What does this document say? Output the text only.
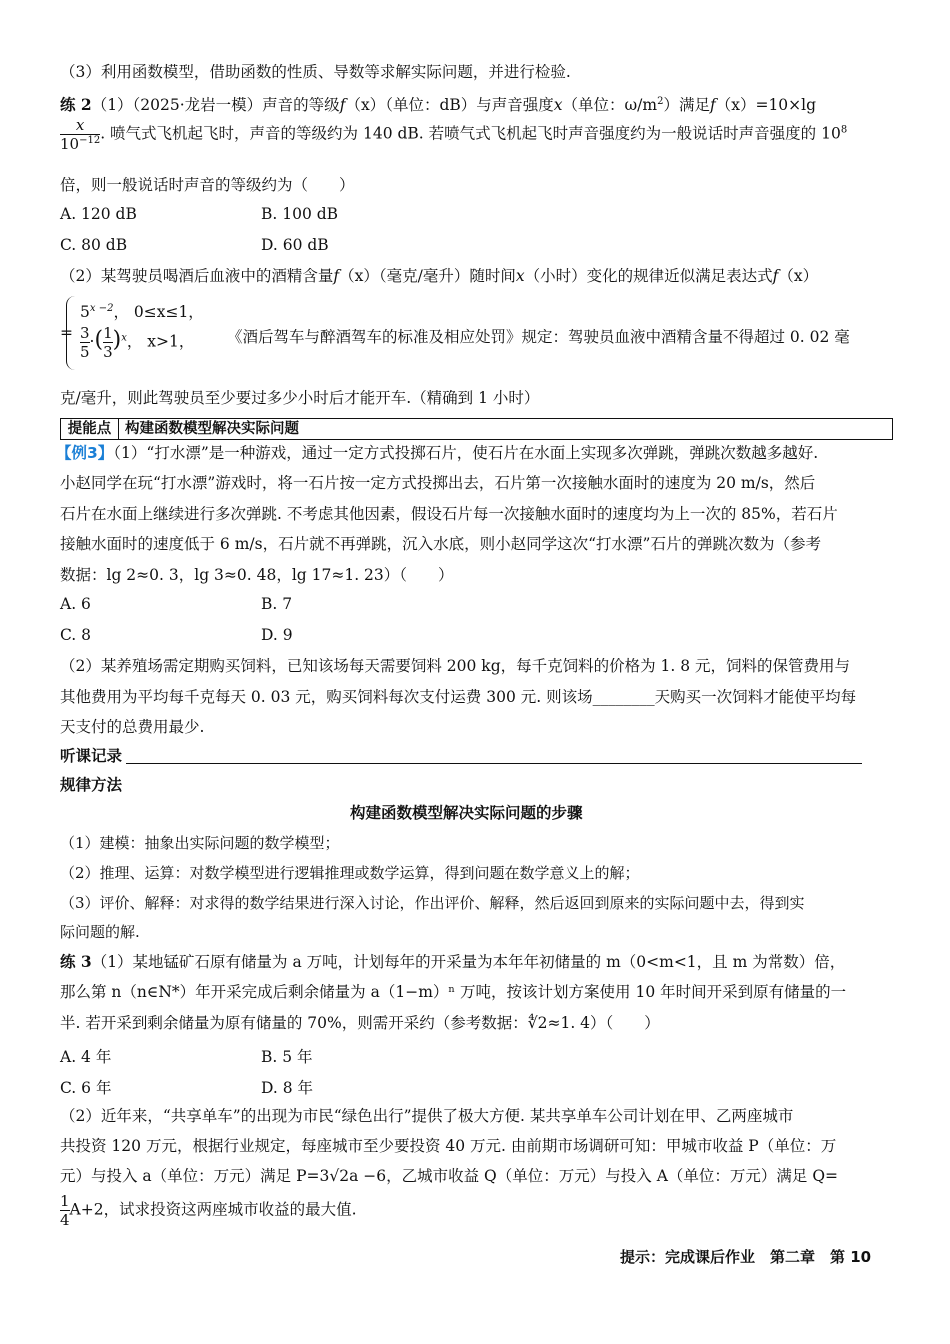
（3）利用函数模型，借助函数的性质、导数等求解实际问题，并进行检验.
练 2（1）（2025·龙岩一模）声音的等级f（x）（单位：dB）与声音强度x（单位：$\omega/m^2$）满足f（x）=10×lg
$\frac{x}{10^{-12}}$ . 喷气式飞机起飞时，声音的等级约为 140 dB. 若喷气式飞机起飞时声音强度约为一般说话时声音强度的 $10^8$
倍，则一般说话时声音的等级约为（　　）
A. 120 dB	B. 100 dB
C. 80 dB	D. 60 dB
（2）某驾驶员喝酒后血液中的酒精含量f（x）（毫克/毫升）随时间x（小时）变化的规律近似满足表达式f（x）
=
$5^{x -2}$， 0≤x≤1，
$\frac{3}{5}$ ·( $\frac{1}{3} )^x$， x>1， 《酒后驾车与醉酒驾车的标准及相应处罚》规定：驾驶员血液中酒精含量不得超过 0. 02 毫
克/毫升，则此驾驶员至少要过多少小时后才能开车.（精确到 1 小时）
提能点 构建函数模型解决实际问题
【例3】（1）“打水漂”是一种游戏，通过一定方式投掷石片，使石片在水面上实现多次弹跳，弹跳次数越多越好.
小赵同学在玩“打水漂”游戏时，将一石片按一定方式投掷出去，石片第一次接触水面时的速度为 20 m/s，然后
石片在水面上继续进行多次弹跳. 不考虑其他因素，假设石片每一次接触水面时的速度均为上一次的 85%，若石片
接触水面时的速度低于 6 m/s，石片就不再弹跳，沉入水底，则小赵同学这次“打水漂”石片的弹跳次数为（参考
数据：lg 2≈0. 3，lg 3≈0. 48，lg 17≈1. 23）（　　）
A. 6	B. 7
C. 8	D. 9
（2）某养殖场需定期购买饲料，已知该场每天需要饲料 200 kg，每千克饲料的价格为 1. 8 元，饲料的保管费用与
其他费用为平均每千克每天 0. 03 元，购买饲料每次支付运费 300 元. 则该场________天购买一次饲料才能使平均每
天支付的总费用最少.
听课记录
规律方法
构建函数模型解决实际问题的步骤
（1）建模：抽象出实际问题的数学模型；
（2）推理、运算：对数学模型进行逻辑推理或数学运算，得到问题在数学意义上的解；
（3）评价、解释：对求得的数学结果进行深入讨论，作出评价、解释，然后返回到原来的实际问题中去，得到实
际问题的解.
练 3（1）某地锰矿石原有储量为 a 万吨，计划每年的开采量为本年年初储量的 m（0<m<1，且 m 为常数）倍，
那么第 n（n∈N*）年开采完成后剩余储量为 a（1−m）ⁿ 万吨，按该计划方案使用 10 年时间开采到原有储量的一
半. 若开采到剩余储量为原有储量的 70%，则需开采约（参考数据：∜2≈1. 4）（　　）
A. 4 年	B. 5 年
C. 6 年	D. 8 年
（2）近年来，“共享单车”的出现为市民“绿色出行”提供了极大方便. 某共享单车公司计划在甲、乙两座城市
共投资 120 万元，根据行业规定，每座城市至少要投资 40 万元. 由前期市场调研可知：甲城市收益 P（单位：万
元）与投入 a（单位：万元）满足 P=3√2a −6，乙城市收益 Q（单位：万元）与投入 A（单位：万元）满足 Q=
$\frac{1}{4} A+2$，试求投资这两座城市收益的最大值.
提示：完成课后作业　第二章　第 10
